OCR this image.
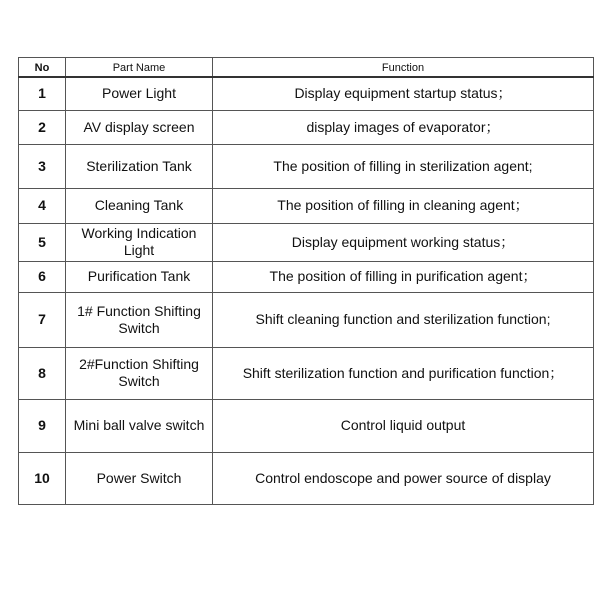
No	Part Name	Function
1	Power Light	Display equipment startup status；
2	AV display screen	display images of evaporator；
3	Sterilization Tank	The position of filling in sterilization agent;
4	Cleaning Tank	The position of filling in cleaning agent；
5	Working Indication Light	Display equipment working status；
6	Purification Tank	The position of filling in purification agent；
7	1# Function Shifting Switch	Shift cleaning function and sterilization function;
8	2#Function Shifting Switch	Shift sterilization function and purification function；
9	Mini ball valve switch	Control liquid output
10	Power Switch	Control endoscope and power source of display
